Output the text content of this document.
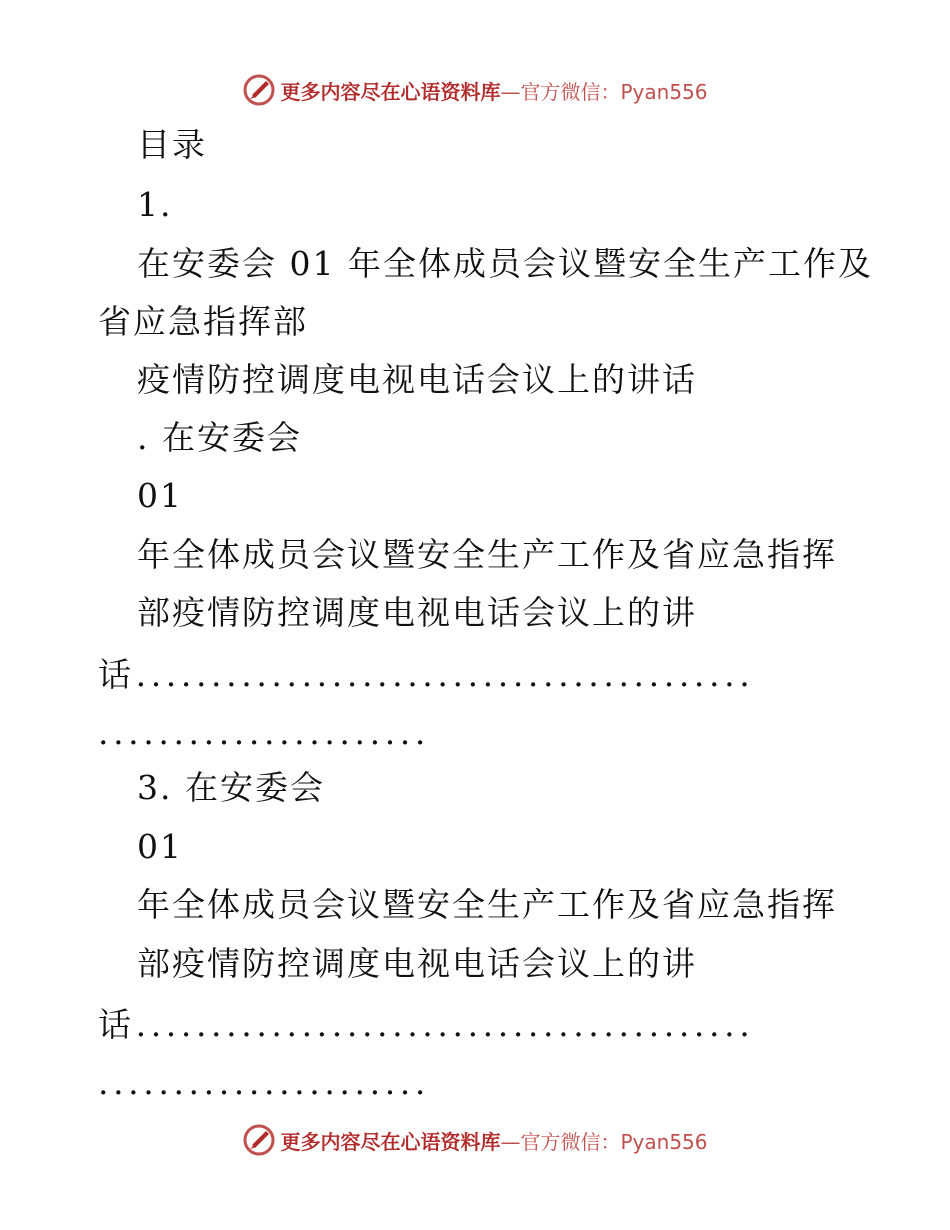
更多内容尽在心语资料库—官方微信：Pyan556
目录
1.
在安委会 01 年全体成员会议暨安全生产工作及
省应急指挥部
疫情防控调度电视电话会议上的讲话
. 在安委会
01
年全体成员会议暨安全生产工作及省应急指挥
部疫情防控调度电视电话会议上的讲
话.........................................
......................
3. 在安委会
01
年全体成员会议暨安全生产工作及省应急指挥
部疫情防控调度电视电话会议上的讲
话.........................................
......................
更多内容尽在心语资料库—官方微信：Pyan556
